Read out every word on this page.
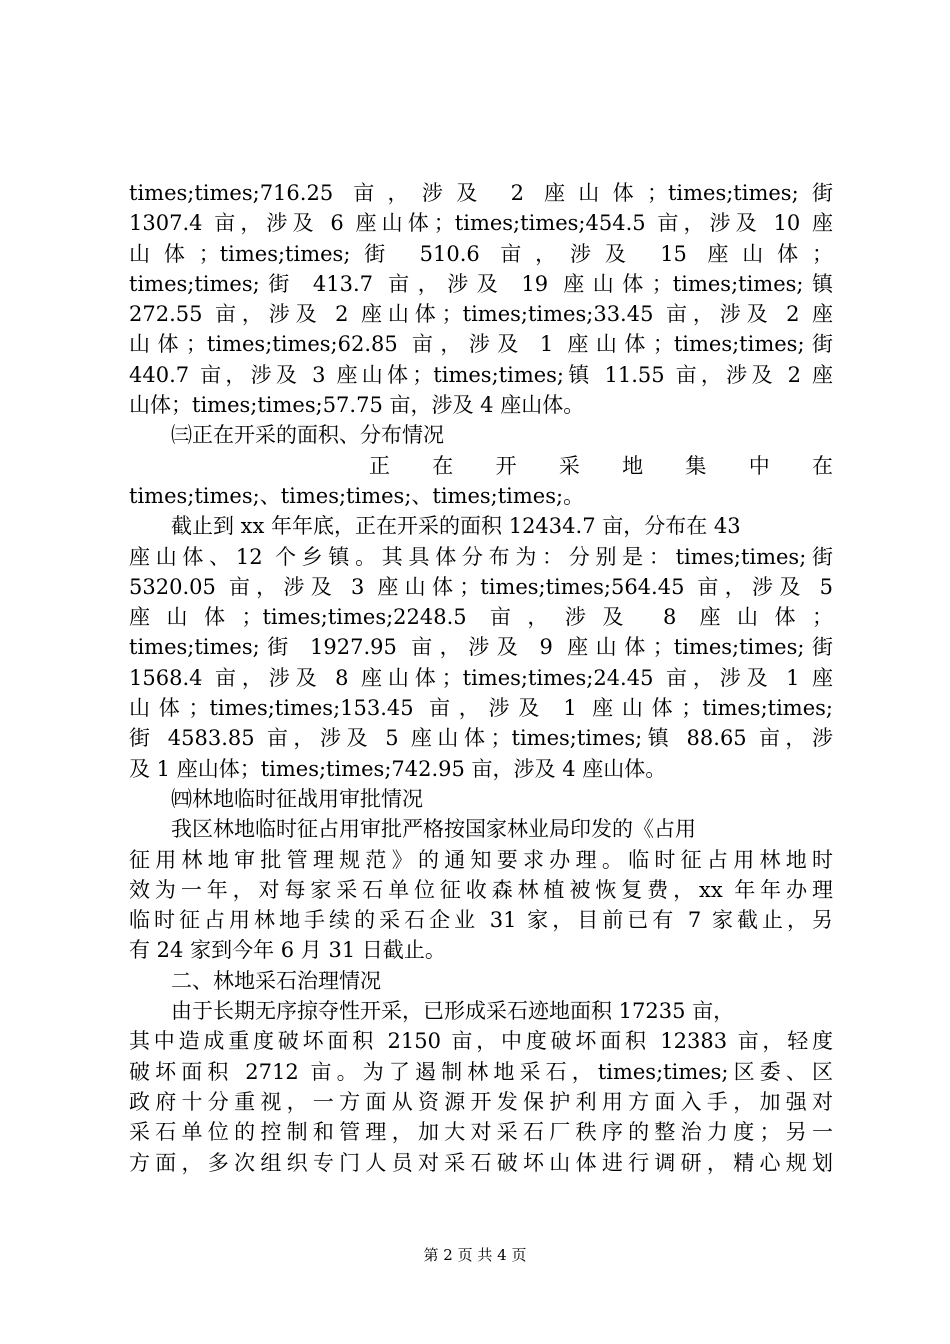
times;times;716.25 亩，涉及 2 座山体；times;times;街
1307.4 亩，涉及 6 座山体；times;times;454.5 亩，涉及 10 座
山体；times;times;街 510.6 亩，涉及 15 座山体；
times;times;街 413.7 亩，涉及 19 座山体；times;times;镇
272.55 亩，涉及 2 座山体；times;times;33.45 亩，涉及 2 座
山体；times;times;62.85 亩，涉及 1 座山体；times;times;街
440.7 亩，涉及 3 座山体；times;times;镇 11.55 亩，涉及 2 座
山体；times;times;57.75 亩，涉及 4 座山体。
㈢正在开采的面积、分布情况
正 在 开 采 地 集 中 在
times;times;、times;times;、times;times;。
截止到 xx 年年底，正在开采的面积 12434.7 亩，分布在 43
座山体、12 个乡镇。其具体分布为：分别是：times;times;街
5320.05 亩，涉及 3 座山体；times;times;564.45 亩，涉及 5
座山体；times;times;2248.5 亩，涉及 8 座山体；
times;times;街 1927.95 亩，涉及 9 座山体；times;times;街
1568.4 亩，涉及 8 座山体；times;times;24.45 亩，涉及 1 座
山体；times;times;153.45 亩，涉及 1 座山体；times;times;
街 4583.85 亩，涉及 5 座山体；times;times;镇 88.65 亩，涉
及 1 座山体；times;times;742.95 亩，涉及 4 座山体。
㈣林地临时征战用审批情况
我区林地临时征占用审批严格按国家林业局印发的《占用
征用林地审批管理规范》的通知要求办理。临时征占用林地时
效为一年，对每家采石单位征收森林植被恢复费，xx 年年办理
临时征占用林地手续的采石企业 31 家，目前已有 7 家截止，另
有 24 家到今年 6 月 31 日截止。
二、林地采石治理情况
由于长期无序掠夺性开采，已形成采石迹地面积 17235 亩，
其中造成重度破坏面积 2150 亩，中度破坏面积 12383 亩，轻度
破坏面积 2712 亩。为了遏制林地采石，times;times;区委、区
政府十分重视，一方面从资源开发保护利用方面入手，加强对
采石单位的控制和管理，加大对采石厂秩序的整治力度；另一
方面，多次组织专门人员对采石破坏山体进行调研，精心规划
第 2 页 共 4 页
